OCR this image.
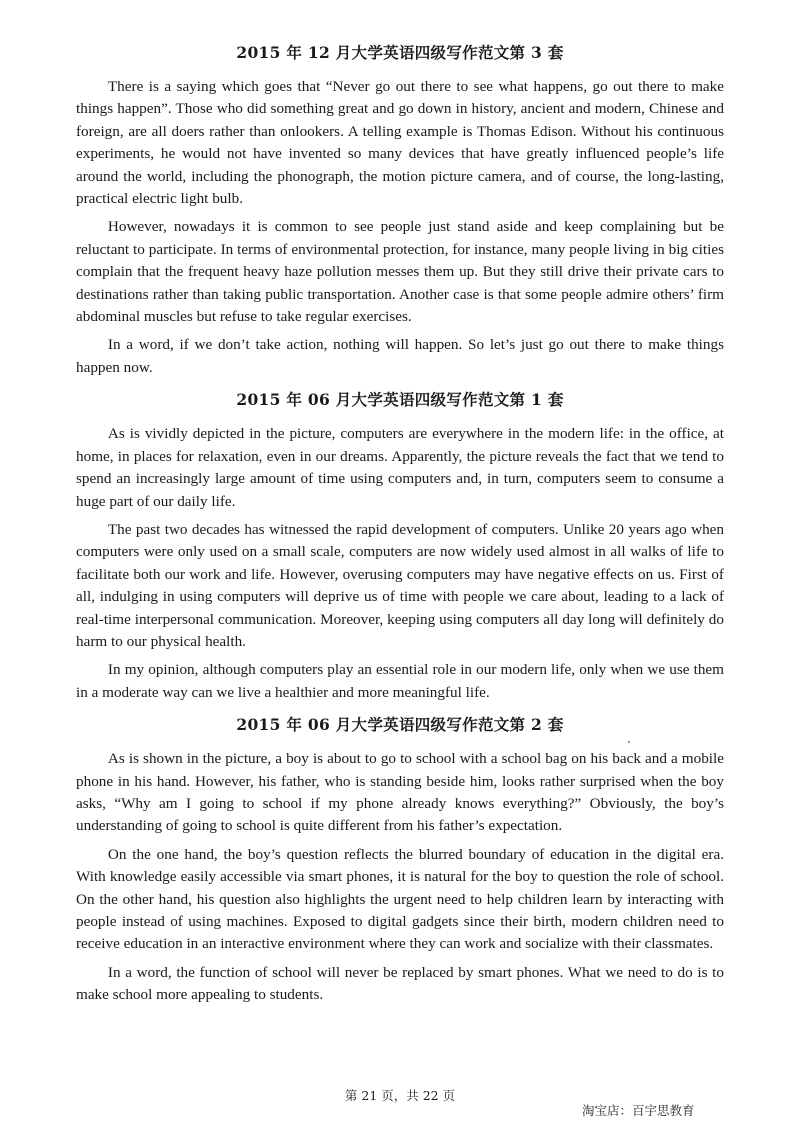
2015 年 12 月大学英语四级写作范文第 3 套

There is a saying which goes that “Never go out there to see what happens, go out there to make things happen”. Those who did something great and go down in history, ancient and modern, Chinese and foreign, are all doers rather than onlookers. A telling example is Thomas Edison. Without his continuous experiments, he would not have invented so many devices that have greatly influenced people’s life around the world, including the phonograph, the motion picture camera, and of course, the long-lasting, practical electric light bulb.

However, nowadays it is common to see people just stand aside and keep complaining but be reluctant to participate. In terms of environmental protection, for instance, many people living in big cities complain that the frequent heavy haze pollution messes them up. But they still drive their private cars to destinations rather than taking public transportation. Another case is that some people admire others’ firm abdominal muscles but refuse to take regular exercises.

In a word, if we don’t take action, nothing will happen. So let’s just go out there to make things happen now.

2015 年 06 月大学英语四级写作范文第 1 套

As is vividly depicted in the picture, computers are everywhere in the modern life: in the office, at home, in places for relaxation, even in our dreams. Apparently, the picture reveals the fact that we tend to spend an increasingly large amount of time using computers and, in turn, computers seem to consume a huge part of our daily life.

The past two decades has witnessed the rapid development of computers. Unlike 20 years ago when computers were only used on a small scale, computers are now widely used almost in all walks of life to facilitate both our work and life. However, overusing computers may have negative effects on us. First of all, indulging in using computers will deprive us of time with people we care about, leading to a lack of real-time interpersonal communication. Moreover, keeping using computers all day long will definitely do harm to our physical health.

In my opinion, although computers play an essential role in our modern life, only when we use them in a moderate way can we live a healthier and more meaningful life.

2015 年 06 月大学英语四级写作范文第 2 套

As is shown in the picture, a boy is about to go to school with a school bag on his back and a mobile phone in his hand. However, his father, who is standing beside him, looks rather surprised when the boy asks, “Why am I going to school if my phone already knows everything?” Obviously, the boy’s understanding of going to school is quite different from his father’s expectation.

On the one hand, the boy’s question reflects the blurred boundary of education in the digital era. With knowledge easily accessible via smart phones, it is natural for the boy to question the role of school. On the other hand, his question also highlights the urgent need to help children learn by interacting with people instead of using machines. Exposed to digital gadgets since their birth, modern children need to receive education in an interactive environment where they can work and socialize with their classmates.

In a word, the function of school will never be replaced by smart phones. What we need to do is to make school more appealing to students.

第 21 页，共 22 页
淘宝店：百宇思教育
